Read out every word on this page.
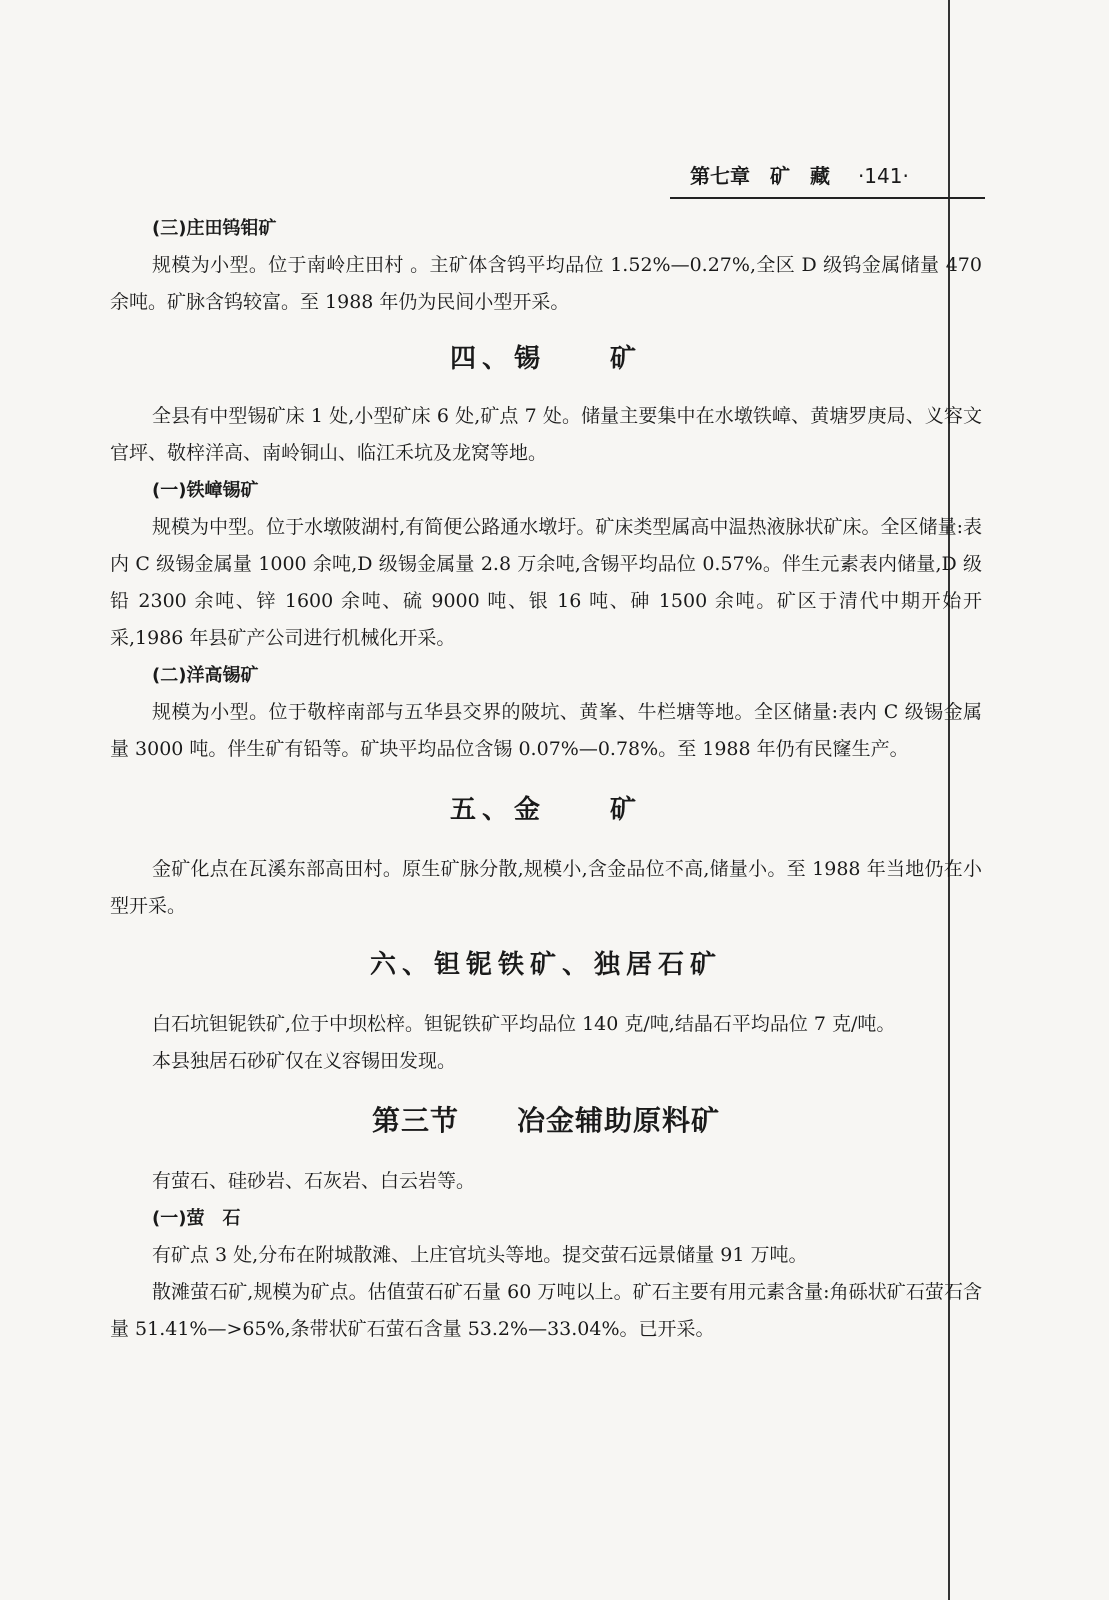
第七章　矿　藏 ·141·

(三)庄田钨钼矿

规模为小型。位于南岭庄田村 。主矿体含钨平均品位 1.52%—0.27%,全区 D 级钨金属储量 470 余吨。矿脉含钨较富。至 1988 年仍为民间小型开采。

四、锡　　矿

全县有中型锡矿床 1 处,小型矿床 6 处,矿点 7 处。储量主要集中在水墩铁嶂、黄塘罗庚局、义容文官坪、敬梓洋高、南岭铜山、临江禾坑及龙窝等地。

(一)铁嶂锡矿

规模为中型。位于水墩陂湖村,有简便公路通水墩圩。矿床类型属高中温热液脉状矿床。全区储量:表内 C 级锡金属量 1000 余吨,D 级锡金属量 2.8 万余吨,含锡平均品位 0.57%。伴生元素表内储量,D 级铅 2300 余吨、锌 1600 余吨、硫 9000 吨、银 16 吨、砷 1500 余吨。矿区于清代中期开始开采,1986 年县矿产公司进行机械化开采。

(二)洋高锡矿

规模为小型。位于敬梓南部与五华县交界的陂坑、黄峯、牛栏塘等地。全区储量:表内 C 级锡金属量 3000 吨。伴生矿有铅等。矿块平均品位含锡 0.07%—0.78%。至 1988 年仍有民窿生产。

五、金　　矿

金矿化点在瓦溪东部高田村。原生矿脉分散,规模小,含金品位不高,储量小。至 1988 年当地仍在小型开采。

六、钽铌铁矿、独居石矿

白石坑钽铌铁矿,位于中坝松梓。钽铌铁矿平均品位 140 克/吨,结晶石平均品位 7 克/吨。

本县独居石砂矿仅在义容锡田发现。

第三节 冶金辅助原料矿

有萤石、硅砂岩、石灰岩、白云岩等。

(一)萤　石

有矿点 3 处,分布在附城散滩、上庄官坑头等地。提交萤石远景储量 91 万吨。

散滩萤石矿,规模为矿点。估值萤石矿石量 60 万吨以上。矿石主要有用元素含量:角砾状矿石萤石含量 51.41%—>65%,条带状矿石萤石含量 53.2%—33.04%。已开采。
